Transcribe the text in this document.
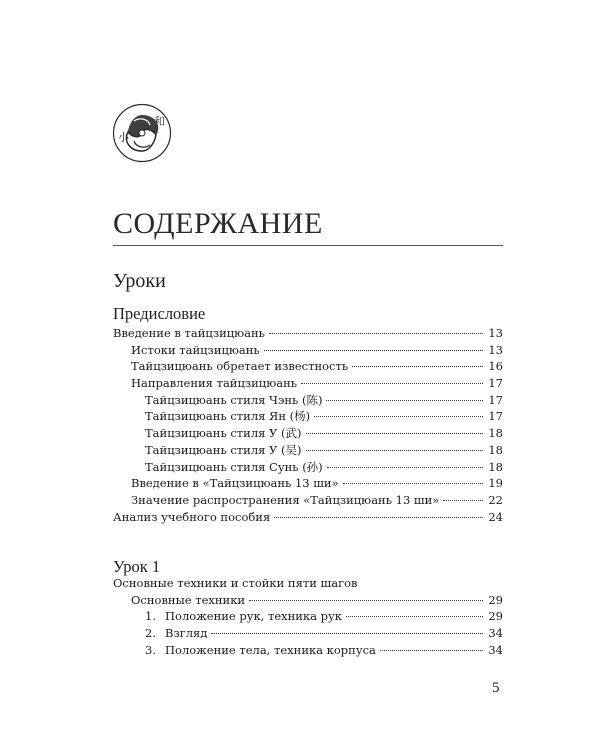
小
和
СОДЕРЖАНИЕ
Уроки
Предисловие
Введение в тайцзицюань	13
Истоки тайцзицюань	13
Тайцзицюань обретает известность	16
Направления тайцзицюань	17
Тайцзицюань стиля Чэнь (陈)	17
Тайцзицюань стиля Ян (杨)	17
Тайцзицюань стиля У (武)	18
Тайцзицюань стиля У (吴)	18
Тайцзицюань стиля Сунь (孙)	18
Введение в «Тайцзицюань 13 ши»	19
Значение распространения «Тайцзицюань 13 ши»	22
Анализ учебного пособия	24
Урок 1
Основные техники и стойки пяти шагов
Основные техники	29
1. Положение рук, техника рук	29
2. Взгляд	34
3. Положение тела, техника корпуса	34
5
